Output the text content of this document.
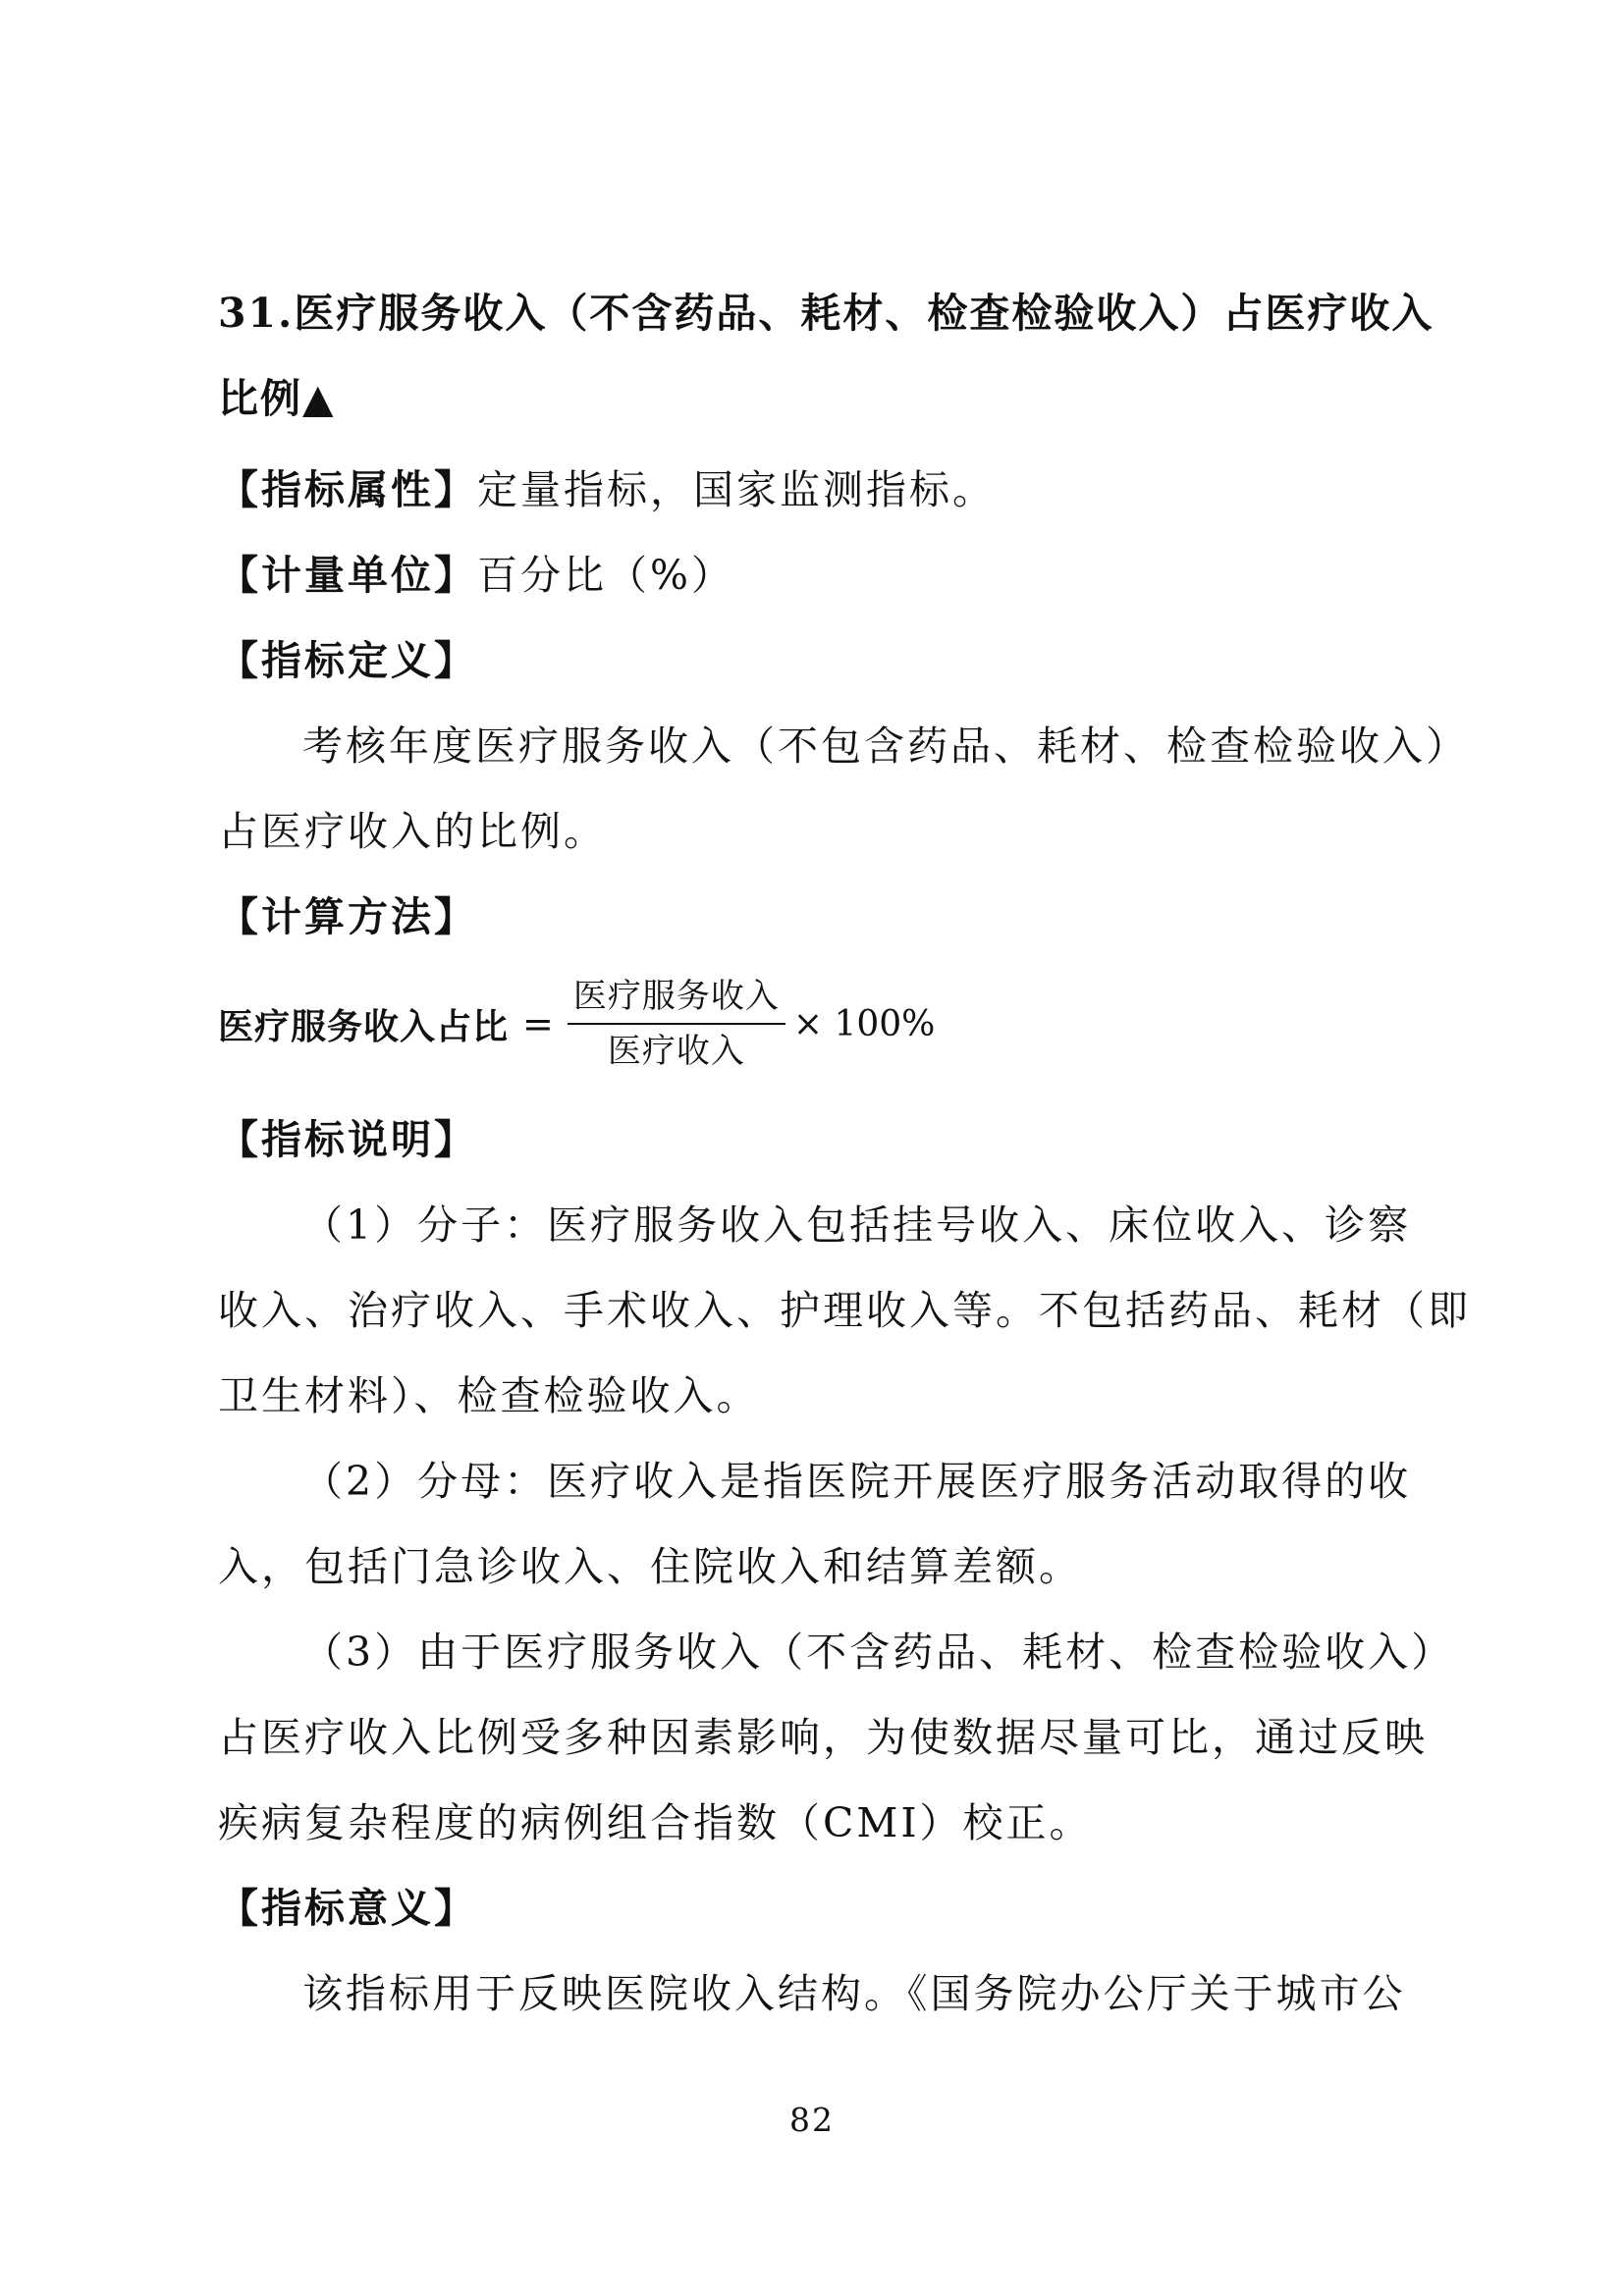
31.医疗服务收入（不含药品、耗材、检查检验收入）占医疗收入
比例▲
【指标属性】定量指标，国家监测指标。
【计量单位】百分比（%）
【指标定义】
考核年度医疗服务收入（不包含药品、耗材、检查检验收入）
占医疗收入的比例。
【计算方法】
医疗服务收入占比 = $\frac{\text{医疗服务收入}}{\text{医疗收入}} \times 100\%$
【指标说明】
（1）分子：医疗服务收入包括挂号收入、床位收入、诊察
收入、治疗收入、手术收入、护理收入等。不包括药品、耗材（即
卫生材料）、检查检验收入。
（2）分母：医疗收入是指医院开展医疗服务活动取得的收
入，包括门急诊收入、住院收入和结算差额。
（3）由于医疗服务收入（不含药品、耗材、检查检验收入）
占医疗收入比例受多种因素影响，为使数据尽量可比，通过反映
疾病复杂程度的病例组合指数（CMI）校正。
【指标意义】
该指标用于反映医院收入结构。《国务院办公厅关于城市公
82
